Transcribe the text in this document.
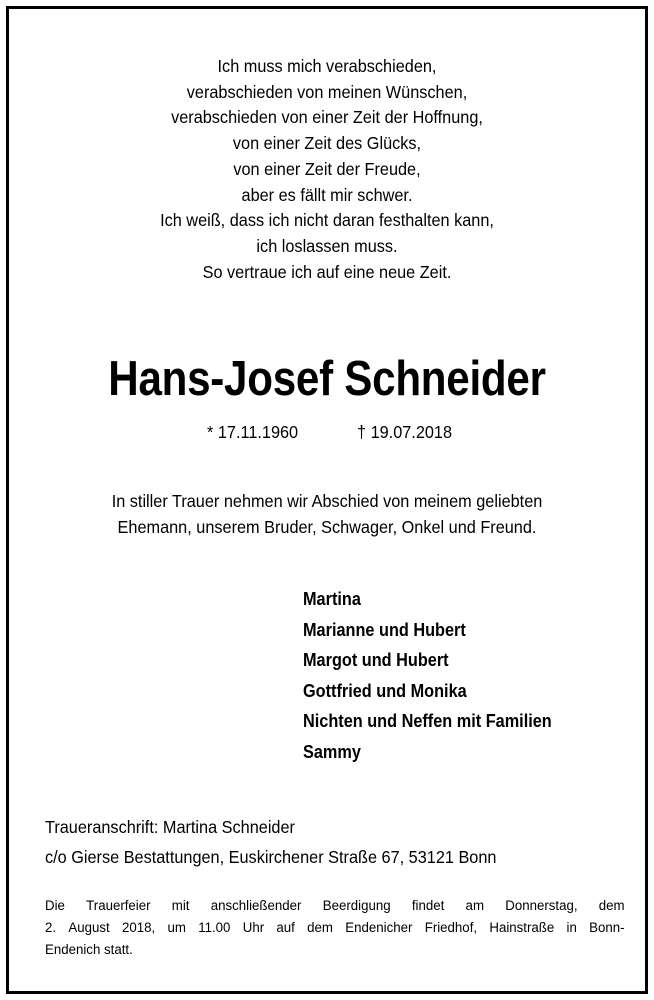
Ich muss mich verabschieden,
verabschieden von meinen Wünschen,
verabschieden von einer Zeit der Hoffnung,
von einer Zeit des Glücks,
von einer Zeit der Freude,
aber es fällt mir schwer.
Ich weiß, dass ich nicht daran festhalten kann,
ich loslassen muss.
So vertraue ich auf eine neue Zeit.
Hans-Josef Schneider
* 17.11.1960	† 19.07.2018
In stiller Trauer nehmen wir Abschied von meinem geliebten
Ehemann, unserem Bruder, Schwager, Onkel und Freund.
Martina
Marianne und Hubert
Margot und Hubert
Gottfried und Monika
Nichten und Neffen mit Familien
Sammy
Traueranschrift: Martina Schneider
c/o Gierse Bestattungen, Euskirchener Straße 67, 53121 Bonn
Die Trauerfeier mit anschließender Beerdigung findet am Donnerstag, dem
2. August 2018, um 11.00 Uhr auf dem Endenicher Friedhof, Hainstraße in Bonn-
Endenich statt.
